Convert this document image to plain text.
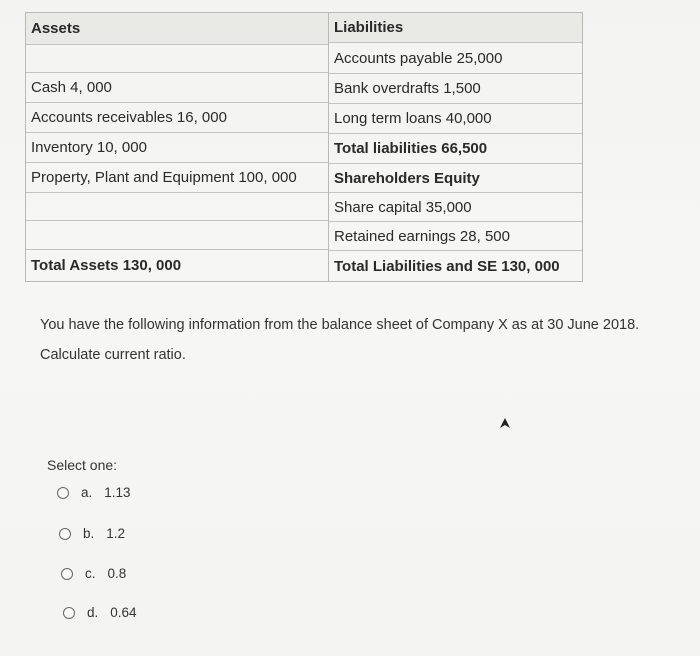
Assets
Cash 4, 000
Accounts receivables 16, 000
Inventory 10, 000
Property, Plant and Equipment 100, 000
Total Assets 130, 000
Liabilities
Accounts payable 25,000
Bank overdrafts 1,500
Long term loans 40,000
Total liabilities 66,500
Shareholders Equity
Share capital 35,000
Retained earnings 28, 500
Total Liabilities and SE 130, 000
You have the following information from the balance sheet of Company X as at 30 June 2018.
Calculate current ratio.
Select one:
a. 1.13
b. 1.2
c. 0.8
d. 0.64
